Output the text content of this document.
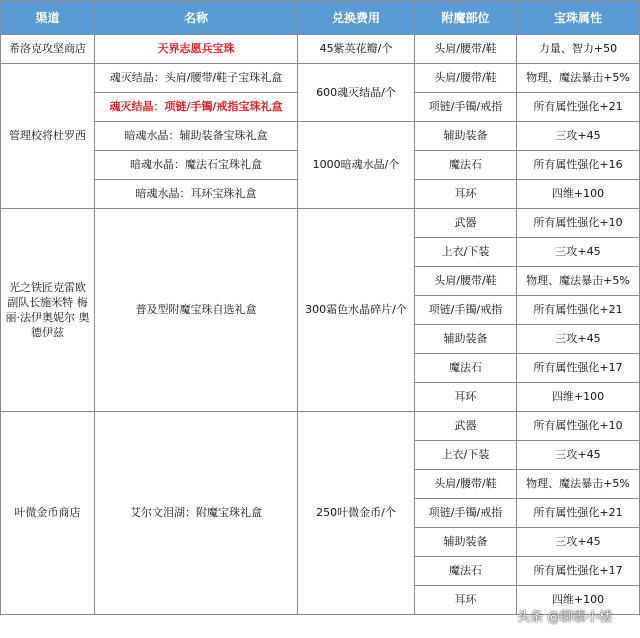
渠道	名称	兑换费用	附魔部位	宝珠属性
希洛克攻坚商店	天界志愿兵宝珠	45紫英花瓣/个	头肩/腰带/鞋	力量、智力+50
管理校将杜罗西	魂灭结晶：头肩/腰带/鞋子宝珠礼盒	600魂灭结晶/个	头肩/腰带/鞋	物理、魔法暴击+5%
	魂灭结晶：项链/手镯/戒指宝珠礼盒		项链/手镯/戒指	所有属性强化+21
	暗魂水晶：辅助装备宝珠礼盒	1000暗魂水晶/个	辅助装备	三攻+45
	暗魂水晶：魔法石宝珠礼盒		魔法石	所有属性强化+16
	暗魂水晶：耳环宝珠礼盒		耳环	四维+100
光之铁匠克雷欧 副队长施米特 梅丽·法伊奥妮尔 奥德伊兹	普及型附魔宝珠自选礼盒	300霜色水晶碎片/个	武器	所有属性强化+10
			上衣/下装	三攻+45
			头肩/腰带/鞋	物理、魔法暴击+5%
			项链/手镯/戒指	所有属性强化+21
			辅助装备	三攻+45
			魔法石	所有属性强化+17
			耳环	四维+100
叶微金币商店	艾尔文泪湖：附魔宝珠礼盒	250叶微金币/个	武器	所有属性强化+10
			上衣/下装	三攻+45
			头肩/腰带/鞋	物理、魔法暴击+5%
			项链/手镯/戒指	所有属性强化+21
			辅助装备	三攻+45
			魔法石	所有属性强化+17
			耳环	四维+100
头条 @聊霸小楼
